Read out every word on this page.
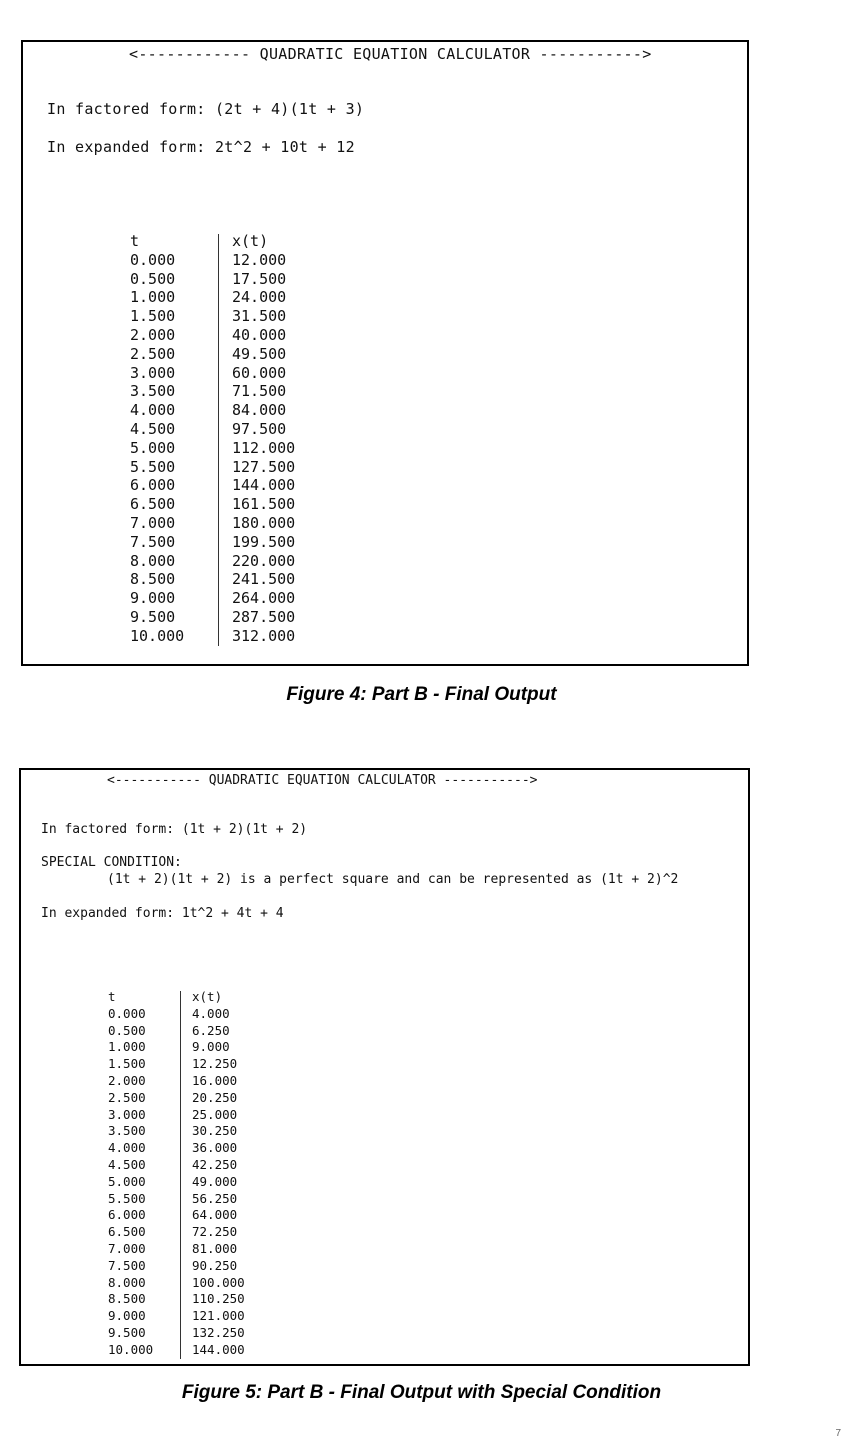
<------------ QUADRATIC EQUATION CALCULATOR ----------->
In factored form: (2t + 4)(1t + 3)
In expanded form: 2t^2 + 10t + 12
t
0.000
0.500
1.000
1.500
2.000
2.500
3.000
3.500
4.000
4.500
5.000
5.500
6.000
6.500
7.000
7.500
8.000
8.500
9.000
9.500
10.000
x(t)
12.000
17.500
24.000
31.500
40.000
49.500
60.000
71.500
84.000
97.500
112.000
127.500
144.000
161.500
180.000
199.500
220.000
241.500
264.000
287.500
312.000
Figure 4: Part B - Final Output
<----------- QUADRATIC EQUATION CALCULATOR ----------->
In factored form: (1t + 2)(1t + 2)
SPECIAL CONDITION:
(1t + 2)(1t + 2) is a perfect square and can be represented as (1t + 2)^2
In expanded form: 1t^2 + 4t + 4
t
0.000
0.500
1.000
1.500
2.000
2.500
3.000
3.500
4.000
4.500
5.000
5.500
6.000
6.500
7.000
7.500
8.000
8.500
9.000
9.500
10.000
x(t)
4.000
6.250
9.000
12.250
16.000
20.250
25.000
30.250
36.000
42.250
49.000
56.250
64.000
72.250
81.000
90.250
100.000
110.250
121.000
132.250
144.000
Figure 5: Part B - Final Output with Special Condition
7
